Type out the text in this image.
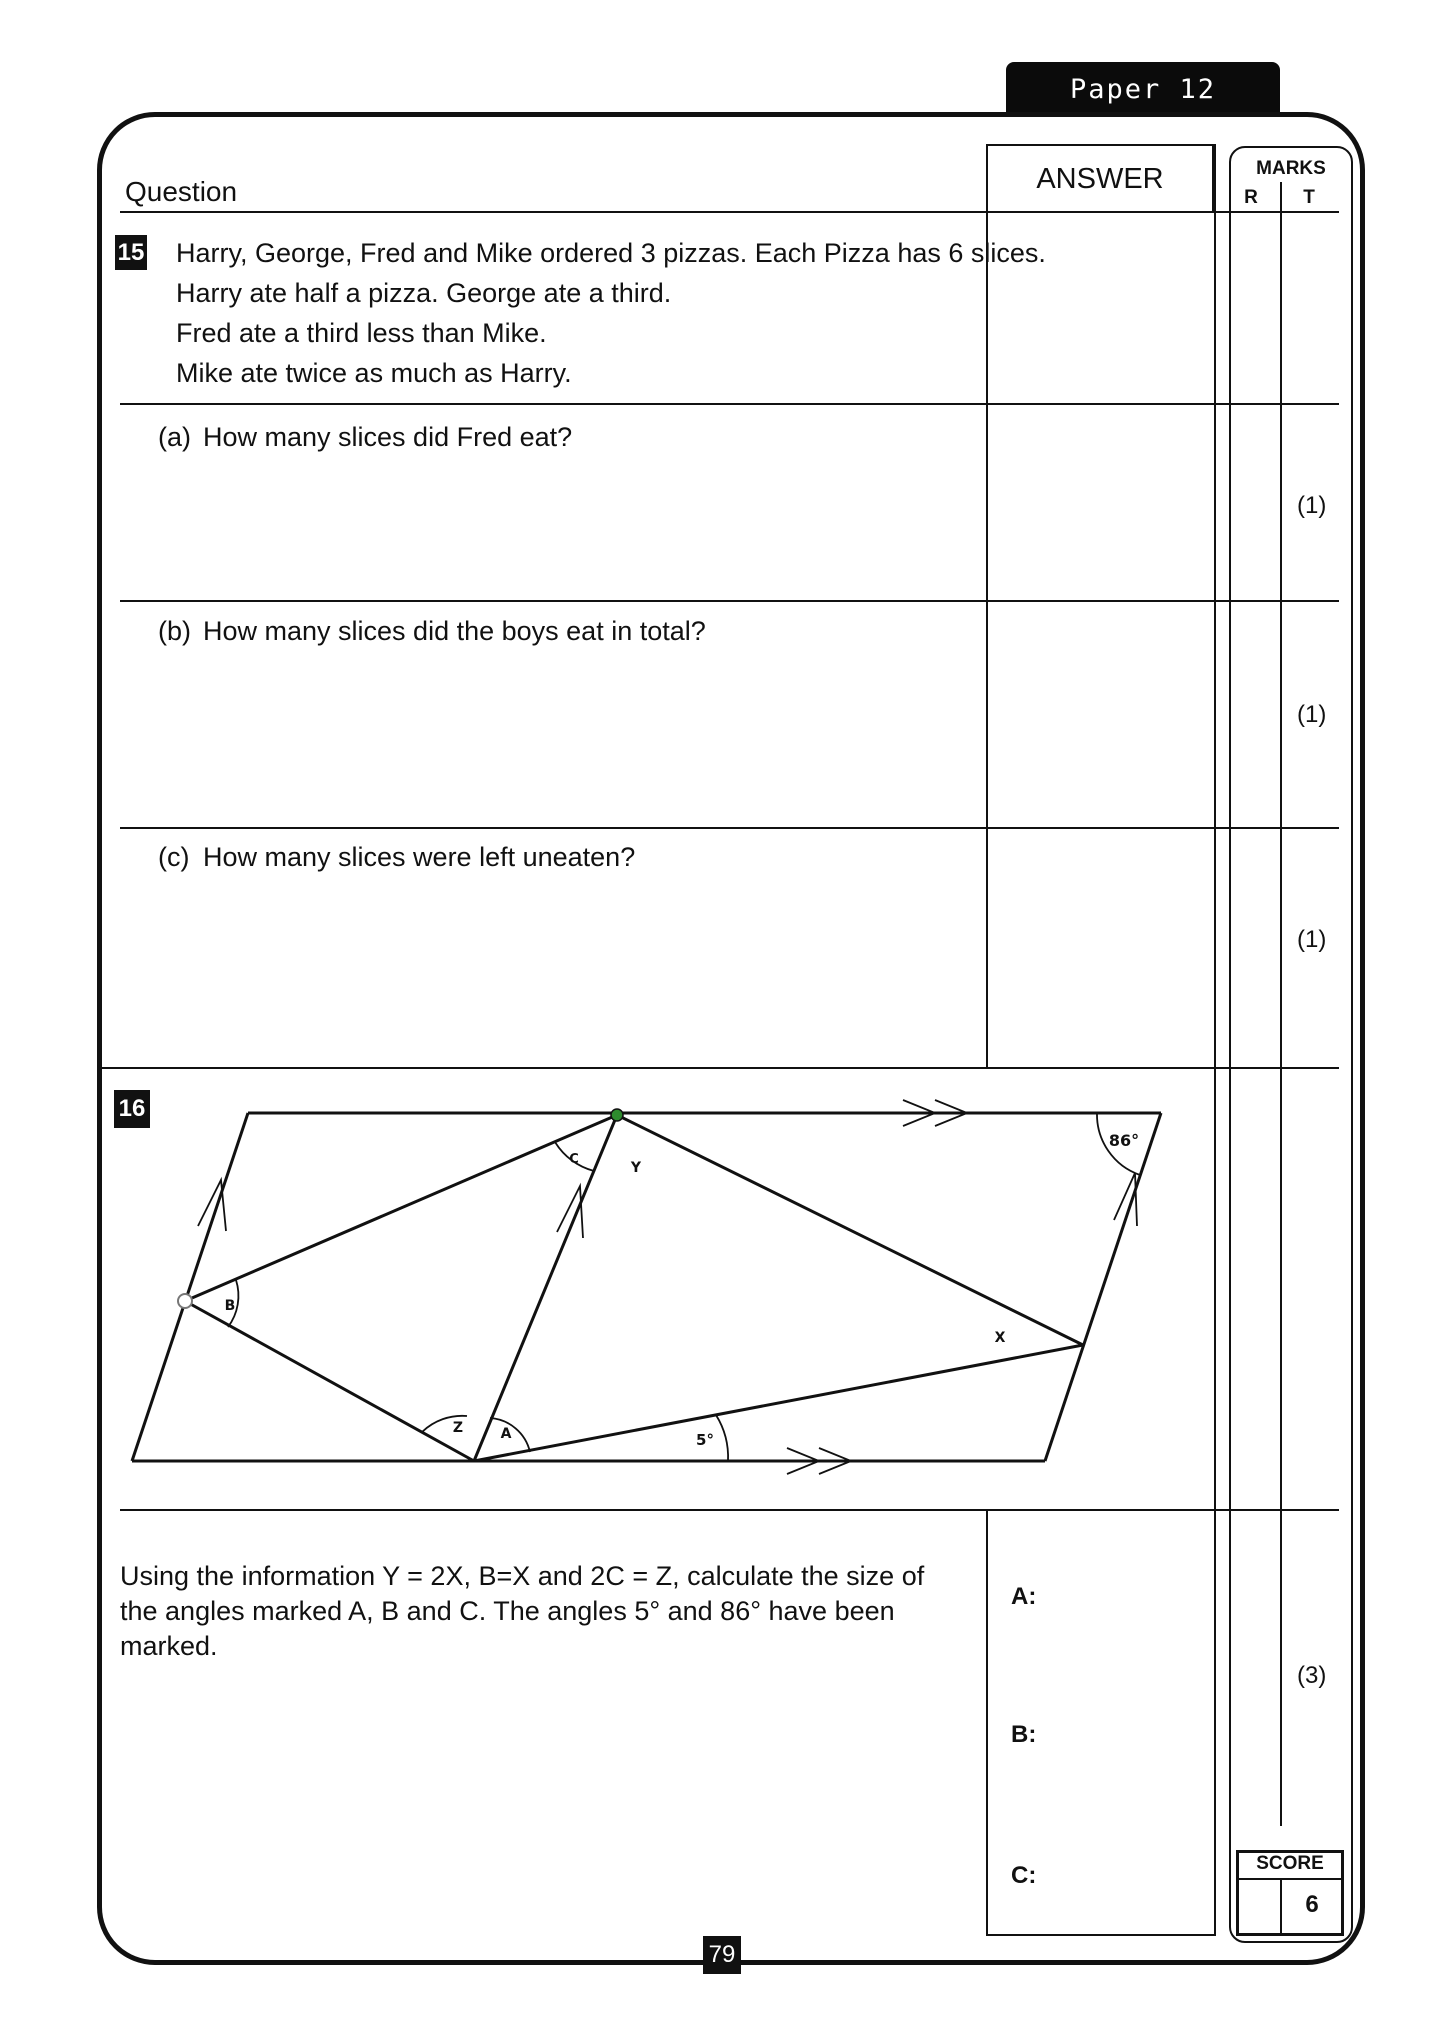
Paper 12
Question	ANSWER	MARKS
R	T
15 Harry, George, Fred and Mike ordered 3 pizzas. Each Pizza has 6 slices.
Harry ate half a pizza. George ate a third.
Fred ate a third less than Mike.
Mike ate twice as much as Harry.
(a) How many slices did Fred eat?
(1)
(b) How many slices did the boys eat in total?
(1)
(c) How many slices were left uneaten?
(1)
16
86°
C
Y
B
X
Z	A	5°
Using the information Y = 2X, B=X and 2C = Z, calculate the size of
the angles marked A, B and C. The angles 5° and 86° have been
marked.
A:
B:
C:
(3)
SCORE
6
79
